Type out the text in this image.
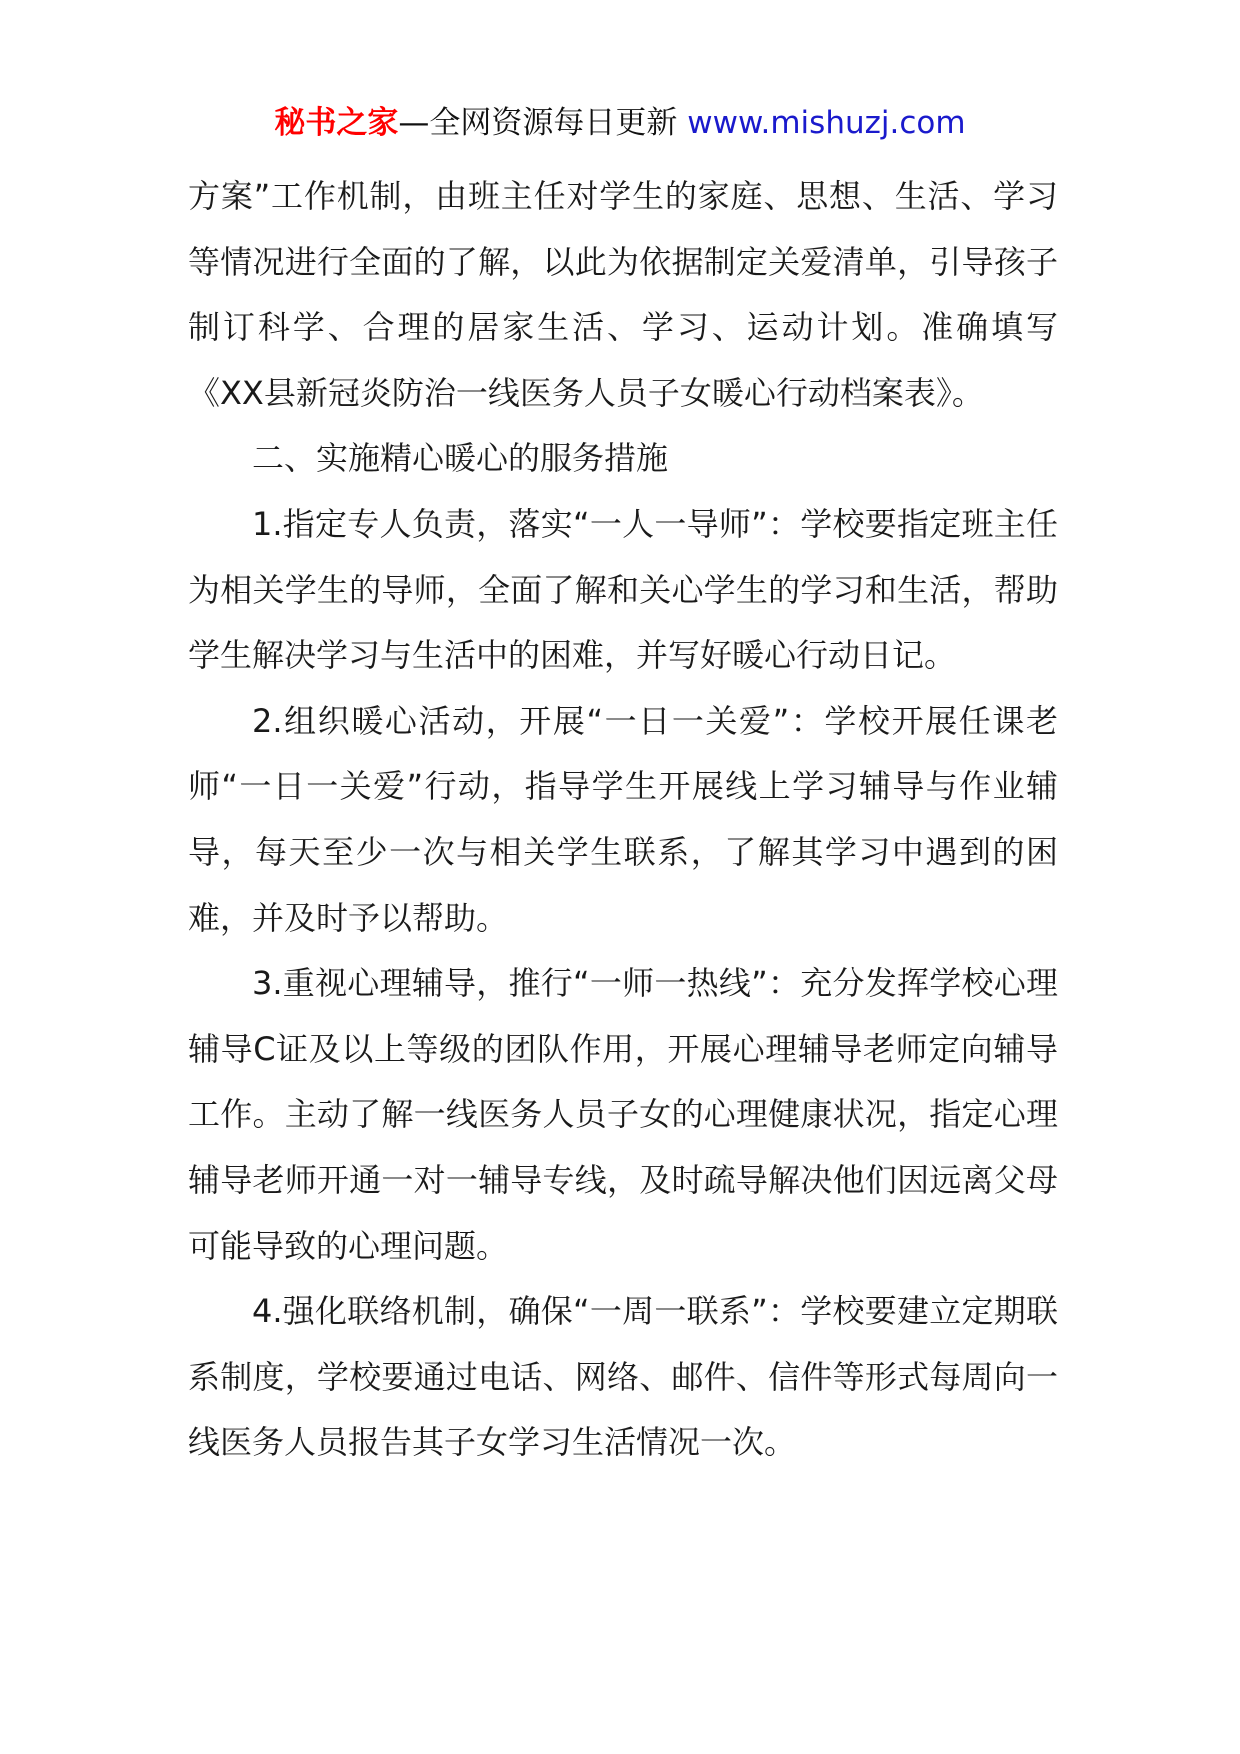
秘书之家—全网资源每日更新 www.mishuzj.com

方案”工作机制，由班主任对学生的家庭、思想、生活、学习等情况进行全面的了解，以此为依据制定关爱清单，引导孩子制订科学、合理的居家生活、学习、运动计划。准确填写《XX县新冠炎防治一线医务人员子女暖心行动档案表》。

二、实施精心暖心的服务措施

1.指定专人负责，落实“一人一导师”：学校要指定班主任为相关学生的导师，全面了解和关心学生的学习和生活，帮助学生解决学习与生活中的困难，并写好暖心行动日记。

2.组织暖心活动，开展“一日一关爱”：学校开展任课老师“一日一关爱”行动，指导学生开展线上学习辅导与作业辅导，每天至少一次与相关学生联系，了解其学习中遇到的困难，并及时予以帮助。

3.重视心理辅导，推行“一师一热线”：充分发挥学校心理辅导C证及以上等级的团队作用，开展心理辅导老师定向辅导工作。主动了解一线医务人员子女的心理健康状况，指定心理辅导老师开通一对一辅导专线，及时疏导解决他们因远离父母可能导致的心理问题。

4.强化联络机制，确保“一周一联系”：学校要建立定期联系制度，学校要通过电话、网络、邮件、信件等形式每周向一线医务人员报告其子女学习生活情况一次。
